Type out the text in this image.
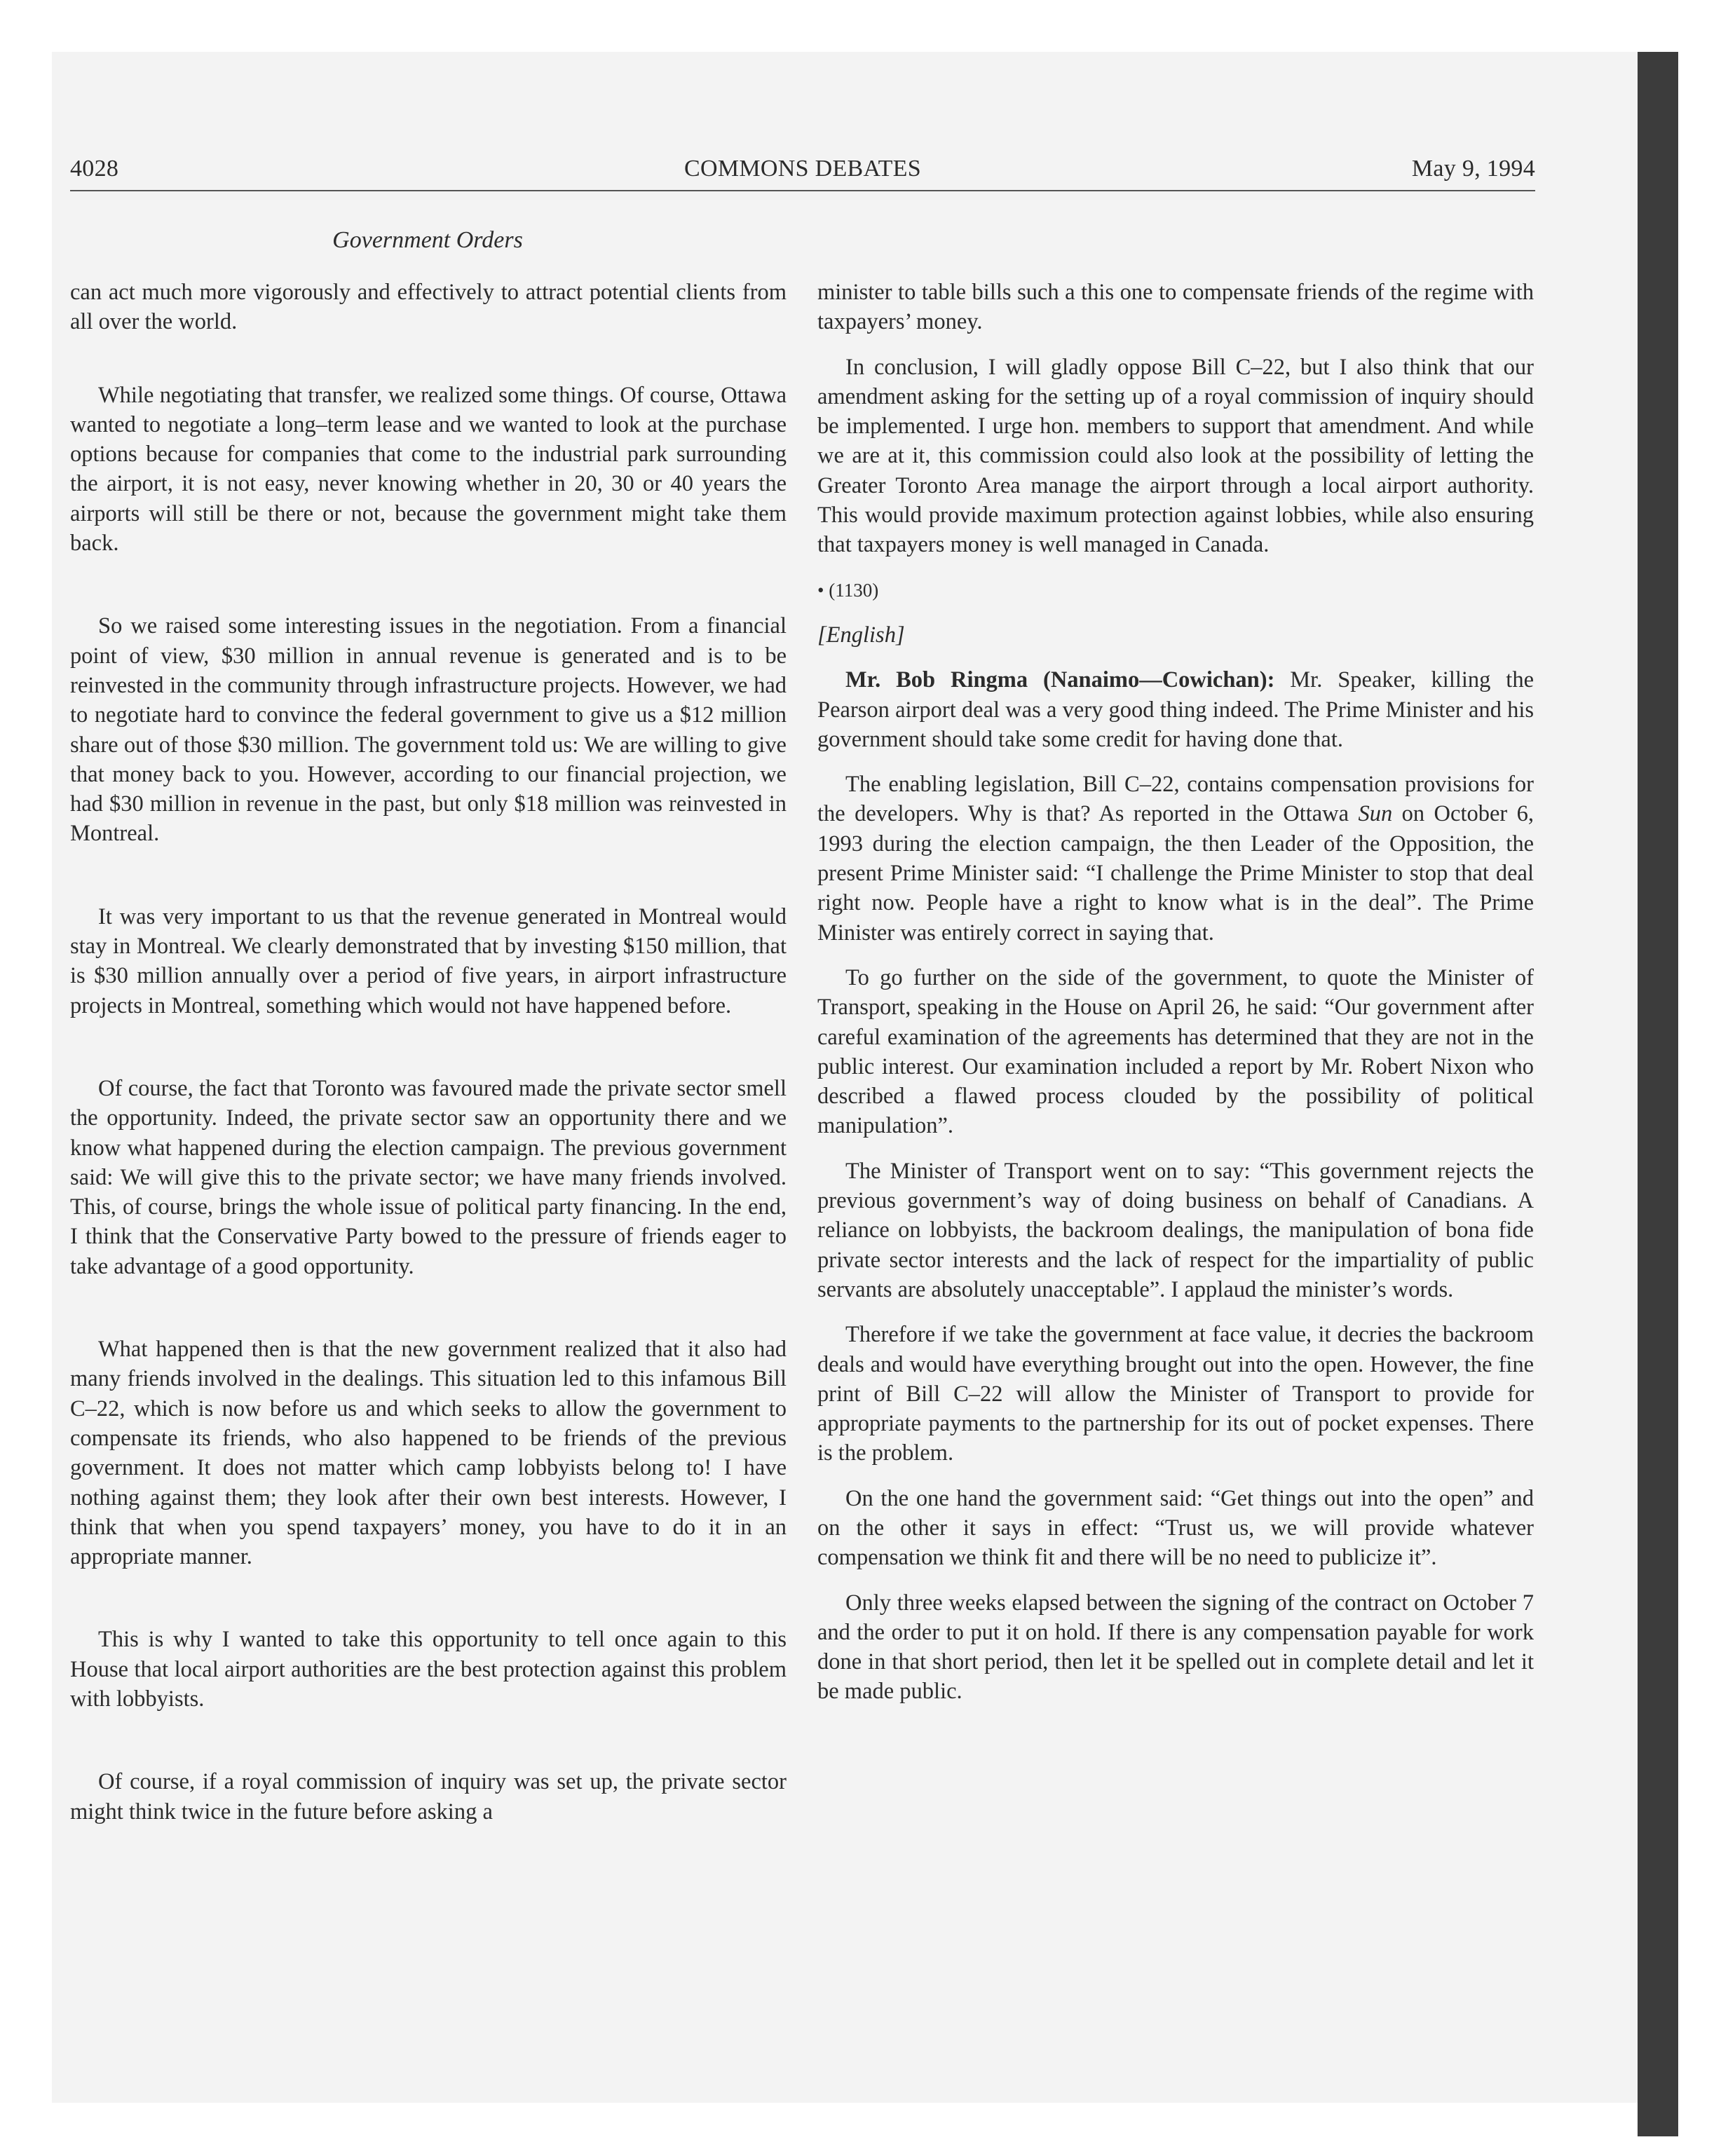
4028	COMMONS DEBATES	May 9, 1994
Government Orders

can act much more vigorously and effectively to attract potential clients from all over the world.

While negotiating that transfer, we realized some things. Of course, Ottawa wanted to negotiate a long–term lease and we wanted to look at the purchase options because for companies that come to the industrial park surrounding the airport, it is not easy, never knowing whether in 20, 30 or 40 years the airports will still be there or not, because the government might take them back.

So we raised some interesting issues in the negotiation. From a financial point of view, $30 million in annual revenue is generated and is to be reinvested in the community through infrastructure projects. However, we had to negotiate hard to convince the federal government to give us a $12 million share out of those $30 million. The government told us: We are willing to give that money back to you. However, according to our financial projection, we had $30 million in revenue in the past, but only $18 million was reinvested in Montreal.

It was very important to us that the revenue generated in Montreal would stay in Montreal. We clearly demonstrated that by investing $150 million, that is $30 million annually over a period of five years, in airport infrastructure projects in Montreal, something which would not have happened before.

Of course, the fact that Toronto was favoured made the private sector smell the opportunity. Indeed, the private sector saw an opportunity there and we know what happened during the election campaign. The previous government said: We will give this to the private sector; we have many friends involved. This, of course, brings the whole issue of political party financing. In the end, I think that the Conservative Party bowed to the pressure of friends eager to take advantage of a good opportunity.

What happened then is that the new government realized that it also had many friends involved in the dealings. This situation led to this infamous Bill C–22, which is now before us and which seeks to allow the government to compensate its friends, who also happened to be friends of the previous government. It does not matter which camp lobbyists belong to! I have nothing against them; they look after their own best interests. However, I think that when you spend taxpayers’ money, you have to do it in an appropriate manner.

This is why I wanted to take this opportunity to tell once again to this House that local airport authorities are the best protection against this problem with lobbyists.

Of course, if a royal commission of inquiry was set up, the private sector might think twice in the future before asking a

minister to table bills such a this one to compensate friends of the regime with taxpayers’ money.

In conclusion, I will gladly oppose Bill C–22, but I also think that our amendment asking for the setting up of a royal commission of inquiry should be implemented. I urge hon. members to support that amendment. And while we are at it, this commission could also look at the possibility of letting the Greater Toronto Area manage the airport through a local airport authority. This would provide maximum protection against lobbies, while also ensuring that taxpayers money is well managed in Canada.

• (1130)

[English]

Mr. Bob Ringma (Nanaimo—Cowichan): Mr. Speaker, killing the Pearson airport deal was a very good thing indeed. The Prime Minister and his government should take some credit for having done that.

The enabling legislation, Bill C–22, contains compensation provisions for the developers. Why is that? As reported in the Ottawa Sun on October 6, 1993 during the election campaign, the then Leader of the Opposition, the present Prime Minister said: “I challenge the Prime Minister to stop that deal right now. People have a right to know what is in the deal”. The Prime Minister was entirely correct in saying that.

To go further on the side of the government, to quote the Minister of Transport, speaking in the House on April 26, he said: “Our government after careful examination of the agreements has determined that they are not in the public interest. Our examination included a report by Mr. Robert Nixon who described a flawed process clouded by the possibility of political manipulation”.

The Minister of Transport went on to say: “This government rejects the previous government’s way of doing business on behalf of Canadians. A reliance on lobbyists, the backroom dealings, the manipulation of bona fide private sector interests and the lack of respect for the impartiality of public servants are absolutely unacceptable”. I applaud the minister’s words.

Therefore if we take the government at face value, it decries the backroom deals and would have everything brought out into the open. However, the fine print of Bill C–22 will allow the Minister of Transport to provide for appropriate payments to the partnership for its out of pocket expenses. There is the problem.

On the one hand the government said: “Get things out into the open” and on the other it says in effect: “Trust us, we will provide whatever compensation we think fit and there will be no need to publicize it”.

Only three weeks elapsed between the signing of the contract on October 7 and the order to put it on hold. If there is any compensation payable for work done in that short period, then let it be spelled out in complete detail and let it be made public.
